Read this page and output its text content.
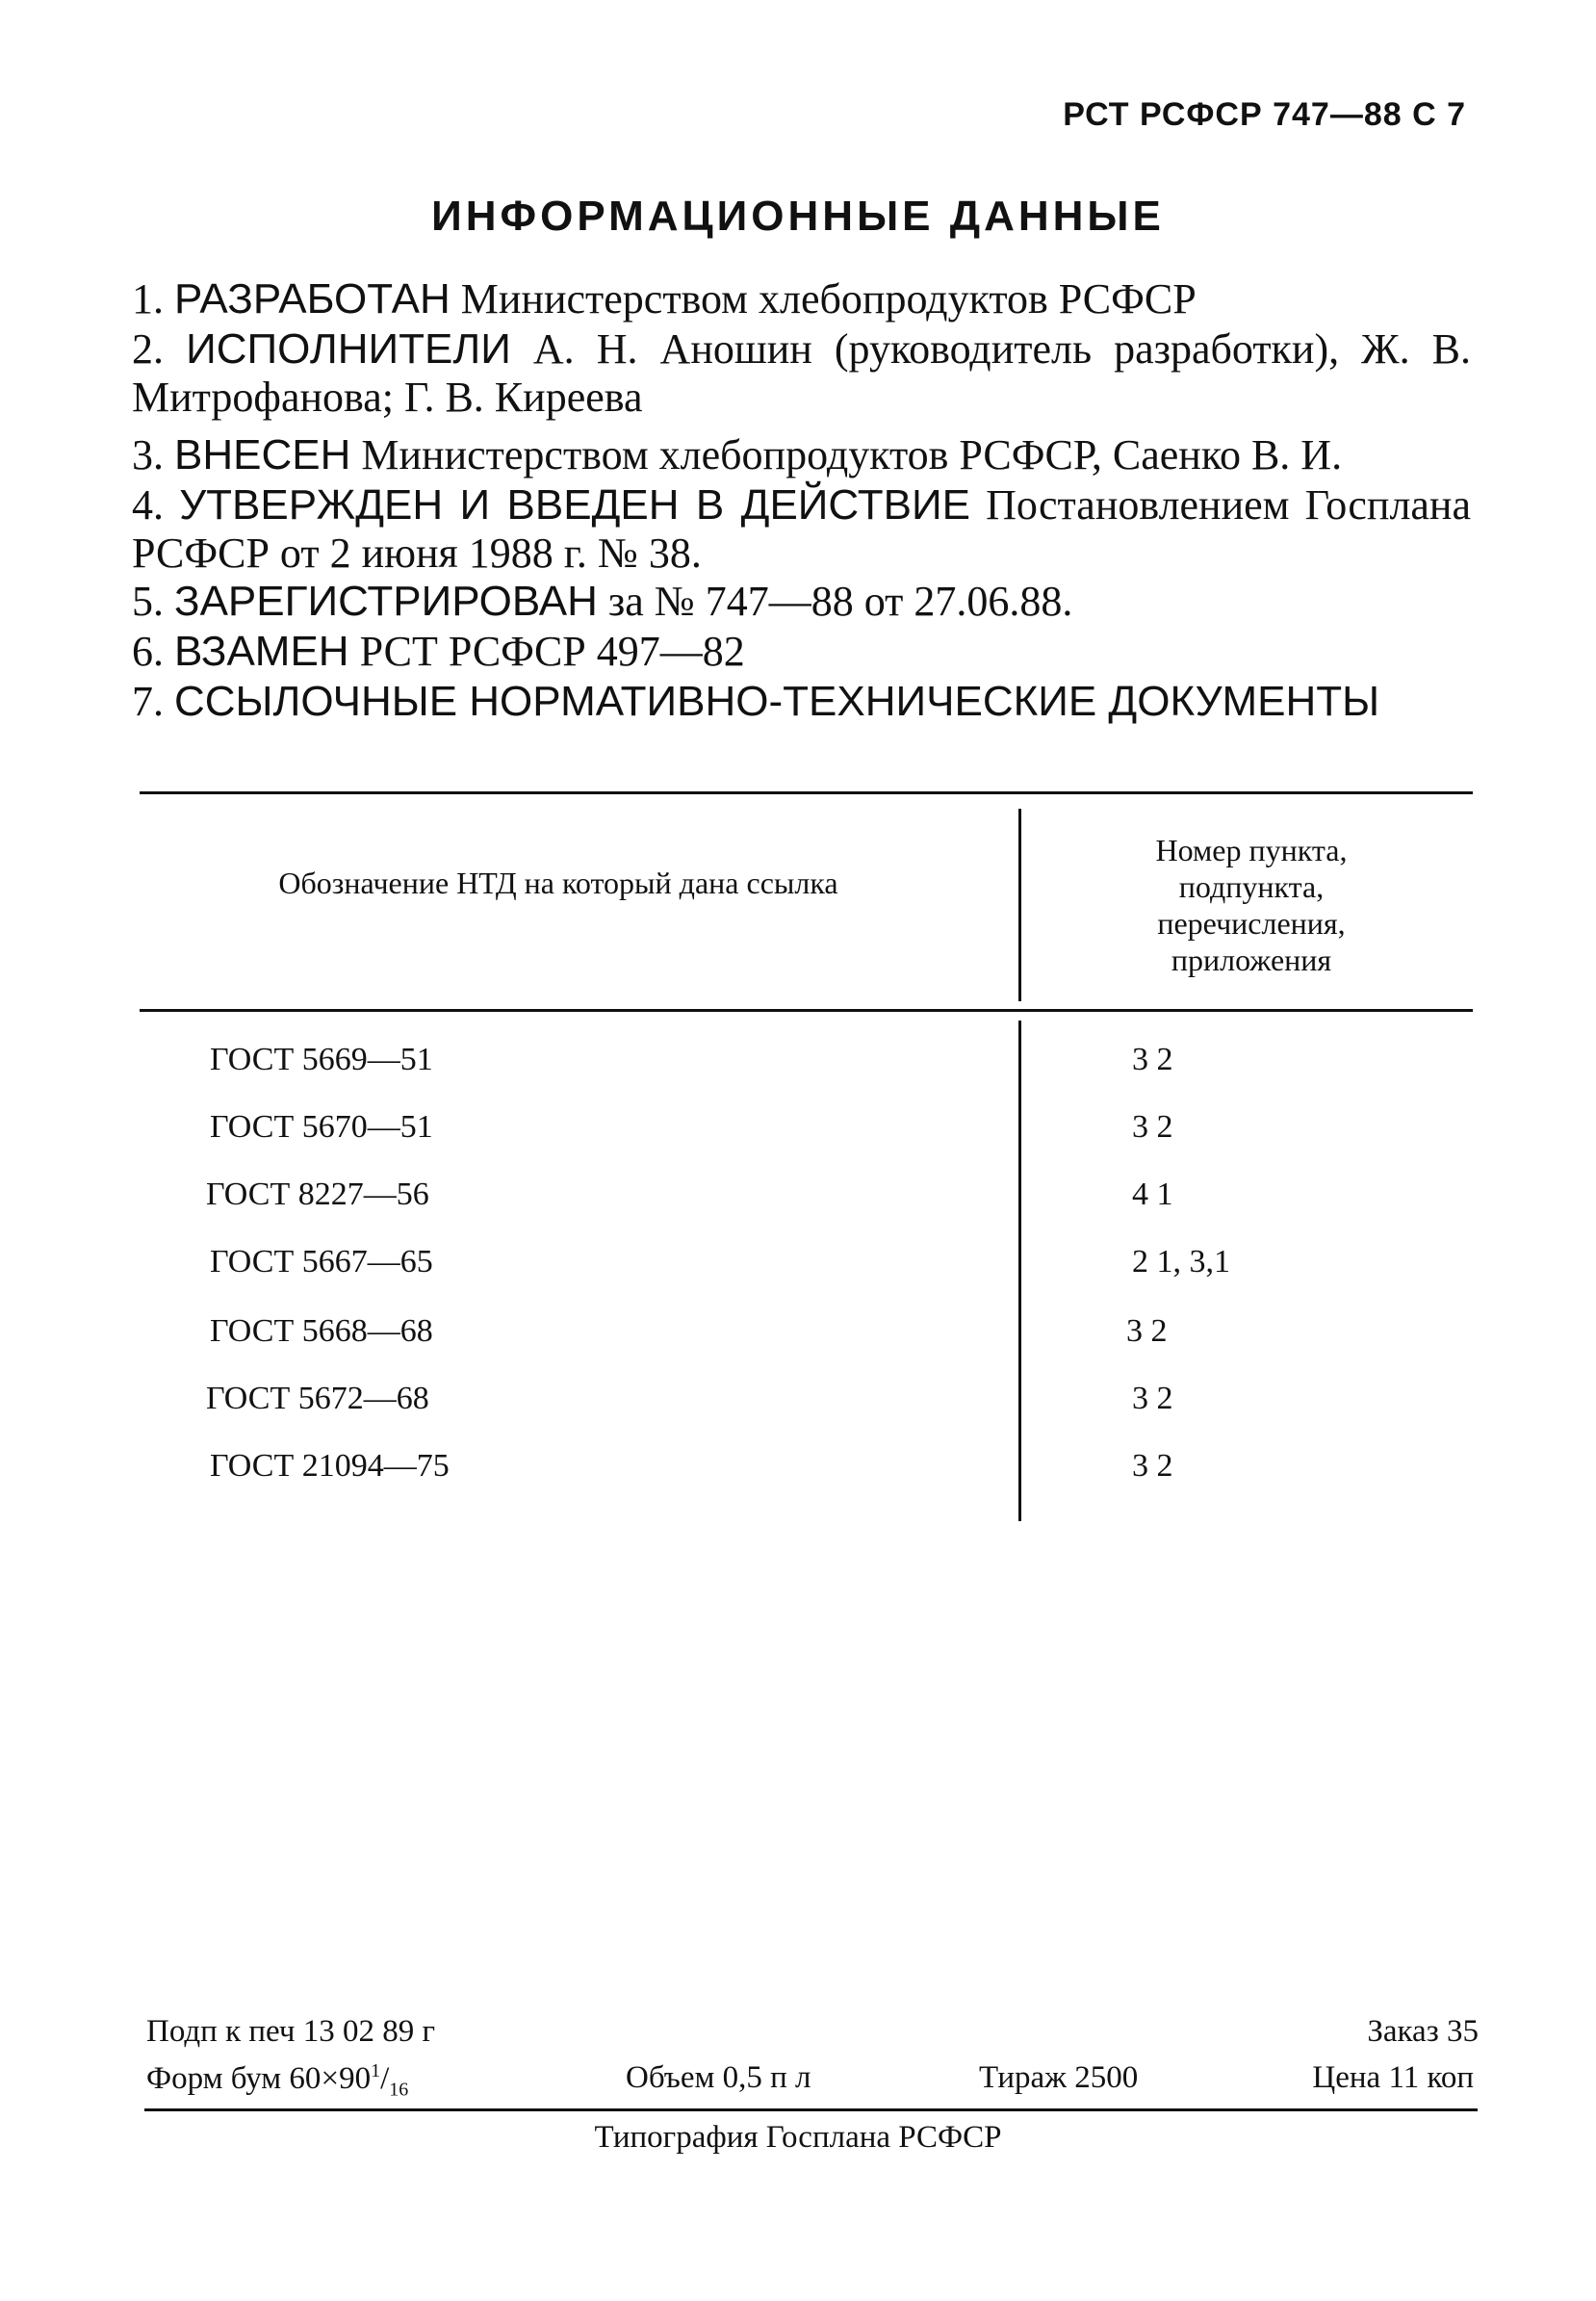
РСТ РСФСР 747—88 С 7
ИНФОРМАЦИОННЫЕ ДАННЫЕ
1. РАЗРАБОТАН Министерством хлебопродуктов РСФСР
2. ИСПОЛНИТЕЛИ А. Н. Аношин (руководитель разработки), Ж. В. Митрофанова; Г. В. Киреева
3. ВНЕСЕН Министерством хлебопродуктов РСФСР, Саенко В. И.
4. УТВЕРЖДЕН И ВВЕДЕН В ДЕЙСТВИЕ Постановлением Госплана РСФСР от 2 июня 1988 г. № 38.
5. ЗАРЕГИСТРИРОВАН за № 747—88 от 27.06.88.
6. ВЗАМЕН РСТ РСФСР 497—82
7. ССЫЛОЧНЫЕ НОРМАТИВНО-ТЕХНИЧЕСКИЕ ДОКУМЕНТЫ
Обозначение НТД на который дана ссылка
Номер пункта, подпункта, перечисления, приложения
ГОСТ 5669—51	3 2
ГОСТ 5670—51	3 2
ГОСТ 8227—56	4 1
ГОСТ 5667—65	2 1, 3,1
ГОСТ 5668—68	3 2
ГОСТ 5672—68	3 2
ГОСТ 21094—75	3 2
Подп к печ 13 02 89 г	Заказ 35
Форм бум $60\times 90^1/_{16}$	Объем 0,5 п л	Тираж 2500	Цена 11 коп
Типография Госплана РСФСР
